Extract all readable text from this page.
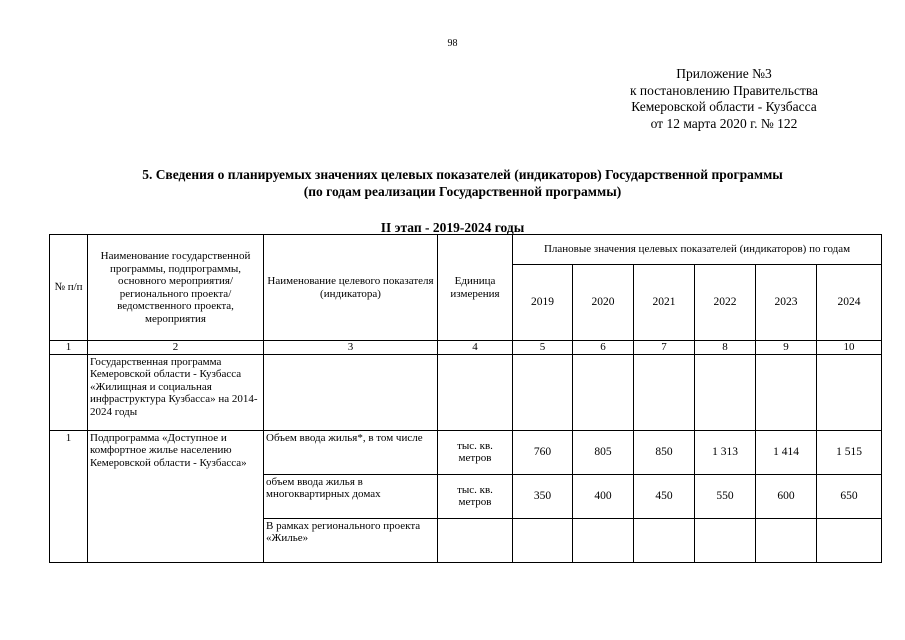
98
Приложение №3
к постановлению Правительства
Кемеровской области - Кузбасса
от 12 марта 2020 г. № 122
5. Сведения о планируемых значениях целевых показателей (индикаторов) Государственной программы
(по годам реализации Государственной программы)
II этап - 2019-2024 годы
№ п/п	Наименование государственной программы, подпрограммы, основного мероприятия/ регионального проекта/ ведомственного проекта, мероприятия	Наименование целевого показателя (индикатора)	Единица измерения	Плановые значения целевых показателей (индикаторов) по годам					
				2019	2020	2021	2022	2023	2024
1	2	3	4	5	6	7	8	9	10
	Государственная программа Кемеровской области - Кузбасса «Жилищная и социальная инфраструктура Кузбасса» на 2014-2024 годы								
1	Подпрограмма «Доступное и комфортное жилье населению Кемеровской области - Кузбасса»	Объем ввода жилья*, в том числе	тыс. кв. метров	760	805	850	1 313	1 414	1 515
		объем ввода жилья в многоквартирных домах	тыс. кв. метров	350	400	450	550	600	650
		В рамках регионального проекта «Жилье»							
